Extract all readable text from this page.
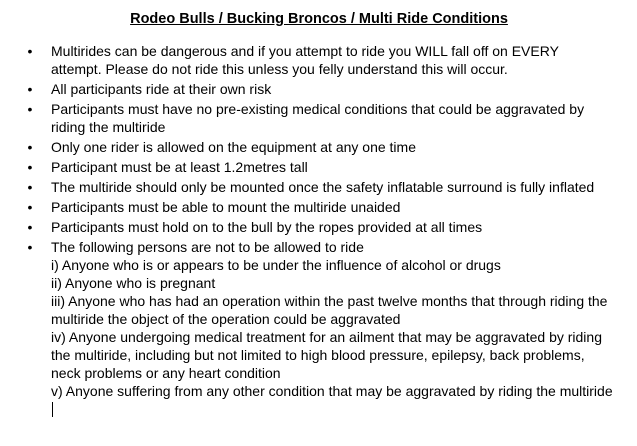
Rodeo Bulls / Bucking Broncos / Multi Ride Conditions
• Multirides can be dangerous and if you attempt to ride you WILL fall off on EVERY attempt. Please do not ride this unless you felly understand this will occur.
• All participants ride at their own risk
• Participants must have no pre-existing medical conditions that could be aggravated by riding the multiride
• Only one rider is allowed on the equipment at any one time
• Participant must be at least 1.2metres tall
• The multiride should only be mounted once the safety inflatable surround is fully inflated
• Participants must be able to mount the multiride unaided
• Participants must hold on to the bull by the ropes provided at all times
• The following persons are not to be allowed to ride
i) Anyone who is or appears to be under the influence of alcohol or drugs
ii) Anyone who is pregnant
iii) Anyone who has had an operation within the past twelve months that through riding the multiride the object of the operation could be aggravated
iv) Anyone undergoing medical treatment for an ailment that may be aggravated by riding the multiride, including but not limited to high blood pressure, epilepsy, back problems, neck problems or any heart condition
v) Anyone suffering from any other condition that may be aggravated by riding the multiride
